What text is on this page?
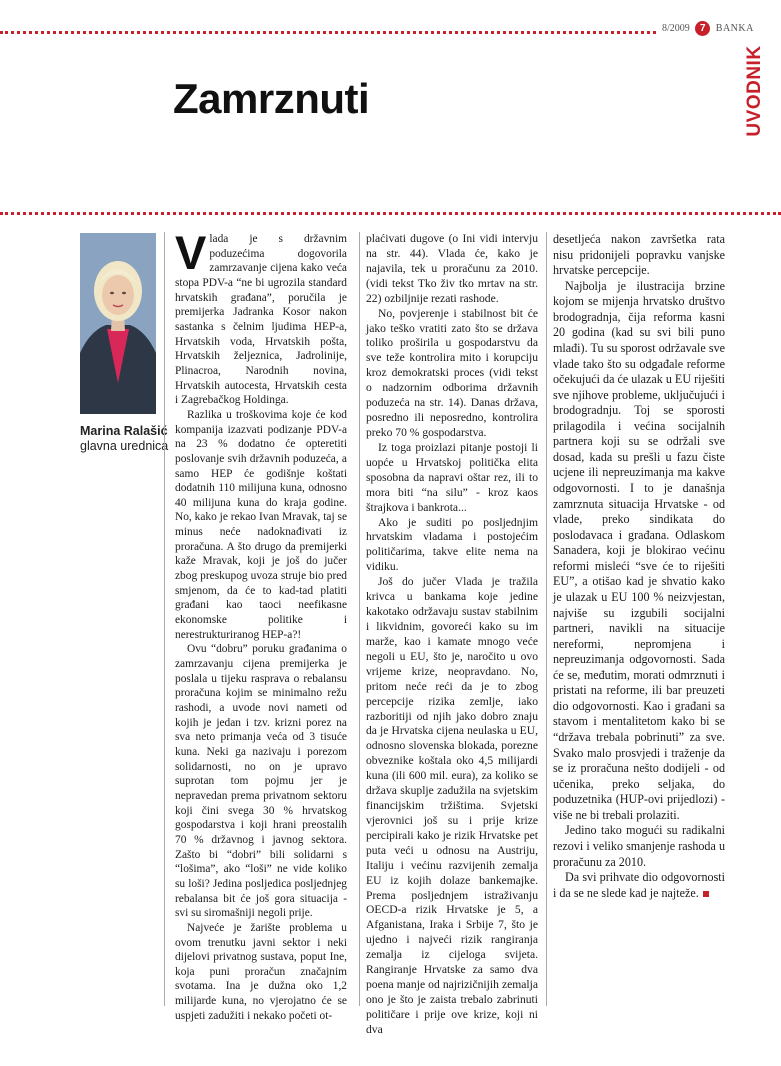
8/2009 7 BANKA
UVODNIK
Zamrznuti
Marina Ralašić
glavna urednica
V lada je s državnim poduzećima dogovorila zamrzavanje cijena kako veća stopa PDV-a “ne bi ugrozila standard hrvatskih građana”, poručila je premijerka Jadranka Kosor nakon sastanka s čelnim ljudima HEP-a, Hrvatskih voda, Hrvatskih pošta, Hrvatskih željeznica, Jadrolinije, Plinacroa, Narodnih novina, Hrvatskih autocesta, Hrvatskih cesta i Zagrebačkog Holdinga.

Razlika u troškovima koje će kod kompanija izazvati podizanje PDV-a na 23 % dodatno će opteretiti poslovanje svih državnih poduzeća, a samo HEP će godišnje koštati dodatnih 110 milijuna kuna, odnosno 40 milijuna kuna do kraja godine. No, kako je rekao Ivan Mravak, taj se minus neće nadoknađivati iz proračuna. A što drugo da premijerki kaže Mravak, koji je još do jučer zbog preskupog uvoza struje bio pred smjenom, da će to kad-tad platiti građani kao taoci neefikasne ekonomske politike i nerestrukturiranog HEP-a?!

Ovu “dobru” poruku građanima o zamrzavanju cijena premijerka je poslala u tijeku rasprava o rebalansu proračuna kojim se minimalno režu rashodi, a uvode novi nameti od kojih je jedan i tzv. krizni porez na sva neto primanja veća od 3 tisuće kuna. Neki ga nazivaju i porezom solidarnosti, no on je upravo suprotan tom pojmu jer je nepravedan prema privatnom sektoru koji čini svega 30 % hrvatskog gospodarstva i koji hrani preostalih 70 % državnog i javnog sektora. Zašto bi “dobri” bili solidarni s “lošima”, ako “loši” ne vide koliko su loši? Jedina posljedica posljednjeg rebalansa bit će još gora situacija - svi su siromašniji negoli prije.

Najveće je žarište problema u ovom trenutku javni sektor i neki dijelovi privatnog sustava, poput Ine, koja puni proračun značajnim svotama. Ina je dužna oko 1,2 milijarde kuna, no vjerojatno će se uspjeti zadužiti i nekako početi ot-

plaćivati dugove (o Ini vidi intervju na str. 44). Vlada će, kako je najavila, tek u proračunu za 2010. (vidi tekst Tko živ tko mrtav na str. 22) ozbiljnije rezati rashode.

No, povjerenje i stabilnost bit će jako teško vratiti zato što se država toliko proširila u gospodarstvu da sve teže kontrolira mito i korupciju kroz demokratski proces (vidi tekst o nadzornim odborima državnih poduzeća na str. 14). Danas država, posredno ili neposredno, kontrolira preko 70 % gospodarstva.

Iz toga proizlazi pitanje postoji li uopće u Hrvatskoj politička elita sposobna da napravi oštar rez, ili to mora biti “na silu” - kroz kaos štrajkova i bankrota...

Ako je suditi po posljednjim hrvatskim vladama i postojećim političarima, takve elite nema na vidiku.

Još do jučer Vlada je tražila krivca u bankama koje jedine kakotako održavaju sustav stabilnim i likvidnim, govoreći kako su im marže, kao i kamate mnogo veće negoli u EU, što je, naročito u ovo vrijeme krize, neopravdano. No, pritom neće reći da je to zbog percepcije rizika zemlje, iako razboritiji od njih jako dobro znaju da je Hrvatska cijena neulaska u EU, odnosno slovenska blokada, porezne obveznike koštala oko 4,5 milijardi kuna (ili 600 mil. eura), za koliko se država skuplje zadužila na svjetskim financijskim tržištima. Svjetski vjerovnici još su i prije krize percipirali kako je rizik Hrvatske pet puta veći u odnosu na Austriju, Italiju i većinu razvijenih zemalja EU iz kojih dolaze bankemajke. Prema posljednjem istraživanju OECD-a rizik Hrvatske je 5, a Afganistana, Iraka i Srbije 7, što je ujedno i najveći rizik rangiranja zemalja iz cijeloga svijeta. Rangiranje Hrvatske za samo dva poena manje od najrizičnijih zemalja ono je što je zaista trebalo zabrinuti političare i prije ove krize, koji ni dva

desetljeća nakon završetka rata nisu pridonijeli popravku vanjske hrvatske percepcije.

Najbolja je ilustracija brzine kojom se mijenja hrvatsko društvo brodogradnja, čija reforma kasni 20 godina (kad su svi bili puno mlađi). Tu su sporost održavale sve vlade tako što su odgađale reforme očekujući da će ulazak u EU riješiti sve njihove probleme, uključujući i brodogradnju. Toj se sporosti prilagodila i većina socijalnih partnera koji su se održali sve dosad, kada su prešli u fazu čiste ucjene ili nepreuzimanja ma kakve odgovornosti. I to je današnja zamrznuta situacija Hrvatske - od vlade, preko sindikata do poslodavaca i građana. Odlaskom Sanadera, koji je blokirao većinu reformi misleći “sve će to riješiti EU”, a otišao kad je shvatio kako je ulazak u EU 100 % neizvjestan, najviše su izgubili socijalni partneri, navikli na situacije nereformi, nepromjena i nepreuzimanja odgovornosti. Sada će se, međutim, morati odmrznuti i pristati na reforme, ili bar preuzeti dio odgovornosti. Kao i građani sa stavom i mentalitetom kako bi se “država trebala pobrinuti” za sve. Svako malo prosvjedi i traženje da se iz proračuna nešto dodijeli - od učenika, preko seljaka, do poduzetnika (HUP-ovi prijedlozi) - više ne bi trebali prolaziti.

Jedino tako mogući su radikalni rezovi i veliko smanjenje rashoda u proračunu za 2010.

Da svi prihvate dio odgovornosti i da se ne slede kad je najteže.
